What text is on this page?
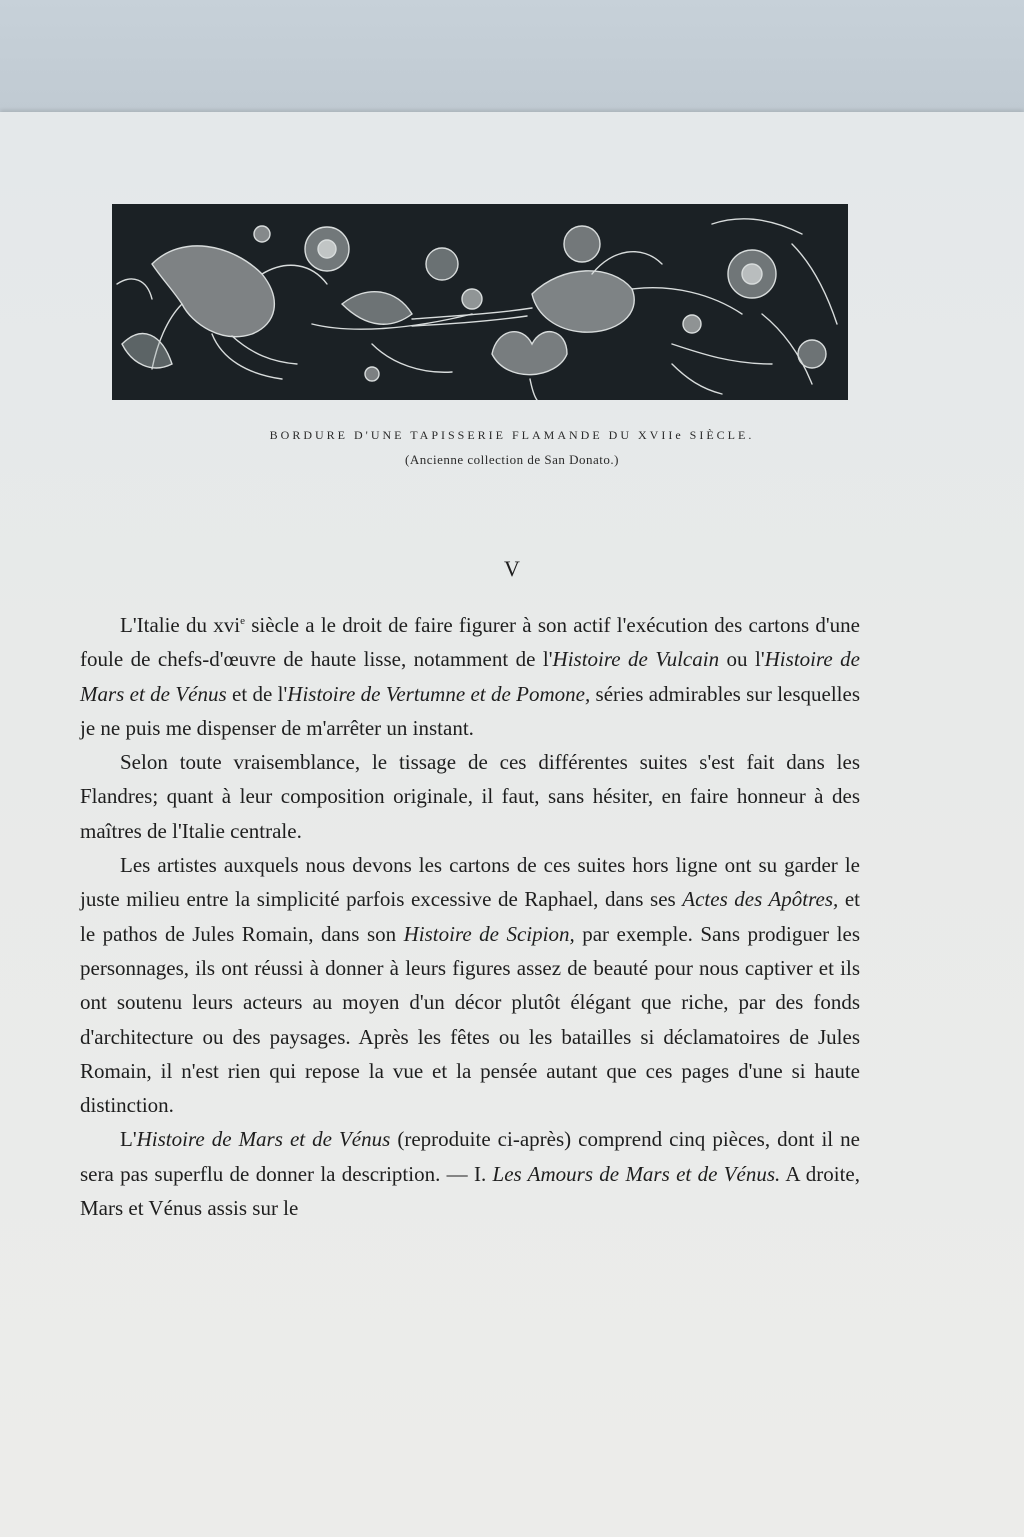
BORDURE D'UNE TAPISSERIE FLAMANDE DU XVIIe SIÈCLE.
(Ancienne collection de San Donato.)
V

L'Italie du xvi$^e$ siècle a le droit de faire figurer à son actif l'exécution des cartons d'une foule de chefs-d'œuvre de haute lisse, notamment de l'Histoire de Vulcain ou l'Histoire de Mars et de Vénus et de l'Histoire de Vertumne et de Pomone, séries admirables sur lesquelles je ne puis me dispenser de m'arrêter un instant.

Selon toute vraisemblance, le tissage de ces différentes suites s'est fait dans les Flandres; quant à leur composition originale, il faut, sans hésiter, en faire honneur à des maîtres de l'Italie centrale.

Les artistes auxquels nous devons les cartons de ces suites hors ligne ont su garder le juste milieu entre la simplicité parfois excessive de Raphael, dans ses Actes des Apôtres, et le pathos de Jules Romain, dans son Histoire de Scipion, par exemple. Sans prodiguer les personnages, ils ont réussi à donner à leurs figures assez de beauté pour nous captiver et ils ont soutenu leurs acteurs au moyen d'un décor plutôt élégant que riche, par des fonds d'architecture ou des paysages. Après les fêtes ou les batailles si déclamatoires de Jules Romain, il n'est rien qui repose la vue et la pensée autant que ces pages d'une si haute distinction.

L'Histoire de Mars et de Vénus (reproduite ci-après) comprend cinq pièces, dont il ne sera pas superflu de donner la description. — I. Les Amours de Mars et de Vénus. A droite, Mars et Vénus assis sur le
